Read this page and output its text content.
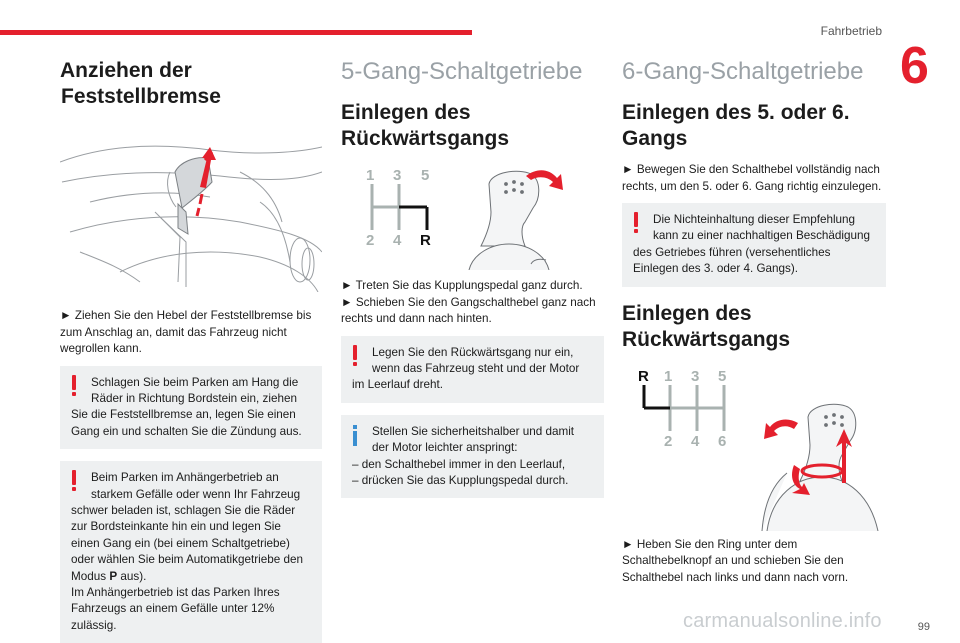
Fahrbetrieb
6
Anziehen der
Feststellbremse

► Ziehen Sie den Hebel der Feststellbremse bis zum Anschlag an, damit das Fahrzeug nicht wegrollen kann.

Schlagen Sie beim Parken am Hang die
Räder in Richtung Bordstein ein, ziehen Sie die Feststellbremse an, legen Sie einen Gang ein und schalten Sie die Zündung aus.
Beim Parken im Anhängerbetrieb an
starkem Gefälle oder wenn Ihr Fahrzeug schwer beladen ist, schlagen Sie die Räder zur Bordsteinkante hin ein und legen Sie einen Gang ein (bei einem Schaltgetriebe) oder wählen Sie beim Automatikgetriebe den Modus P aus).
Im Anhängerbetrieb ist das Parken Ihres Fahrzeugs an einem Gefälle unter 12% zulässig.
5-Gang-Schaltgetriebe
Einlegen des Rückwärtsgangs
1 3 5
2 4 R

► Treten Sie das Kupplungspedal ganz durch.

► Schieben Sie den Gangschalthebel ganz nach rechts und dann nach hinten.

Legen Sie den Rückwärtsgang nur ein,
wenn das Fahrzeug steht und der Motor im Leerlauf dreht.
Stellen Sie sicherheitshalber und damit
der Motor leichter anspringt:
– den Schalthebel immer in den Leerlauf,
– drücken Sie das Kupplungspedal durch.
6-Gang-Schaltgetriebe
Einlegen des 5. oder 6. Gangs

► Bewegen Sie den Schalthebel vollständig nach rechts, um den 5. oder 6. Gang richtig einzulegen.

Die Nichteinhaltung dieser Empfehlung
kann zu einer nachhaltigen Beschädigung des Getriebes führen (versehentliches Einlegen des 3. oder 4. Gangs).
Einlegen des Rückwärtsgangs
R 1 3 5
2 4 6

► Heben Sie den Ring unter dem Schalthebelknopf an und schieben Sie den Schalthebel nach links und dann nach vorn.

carmanualsonline.info	99
